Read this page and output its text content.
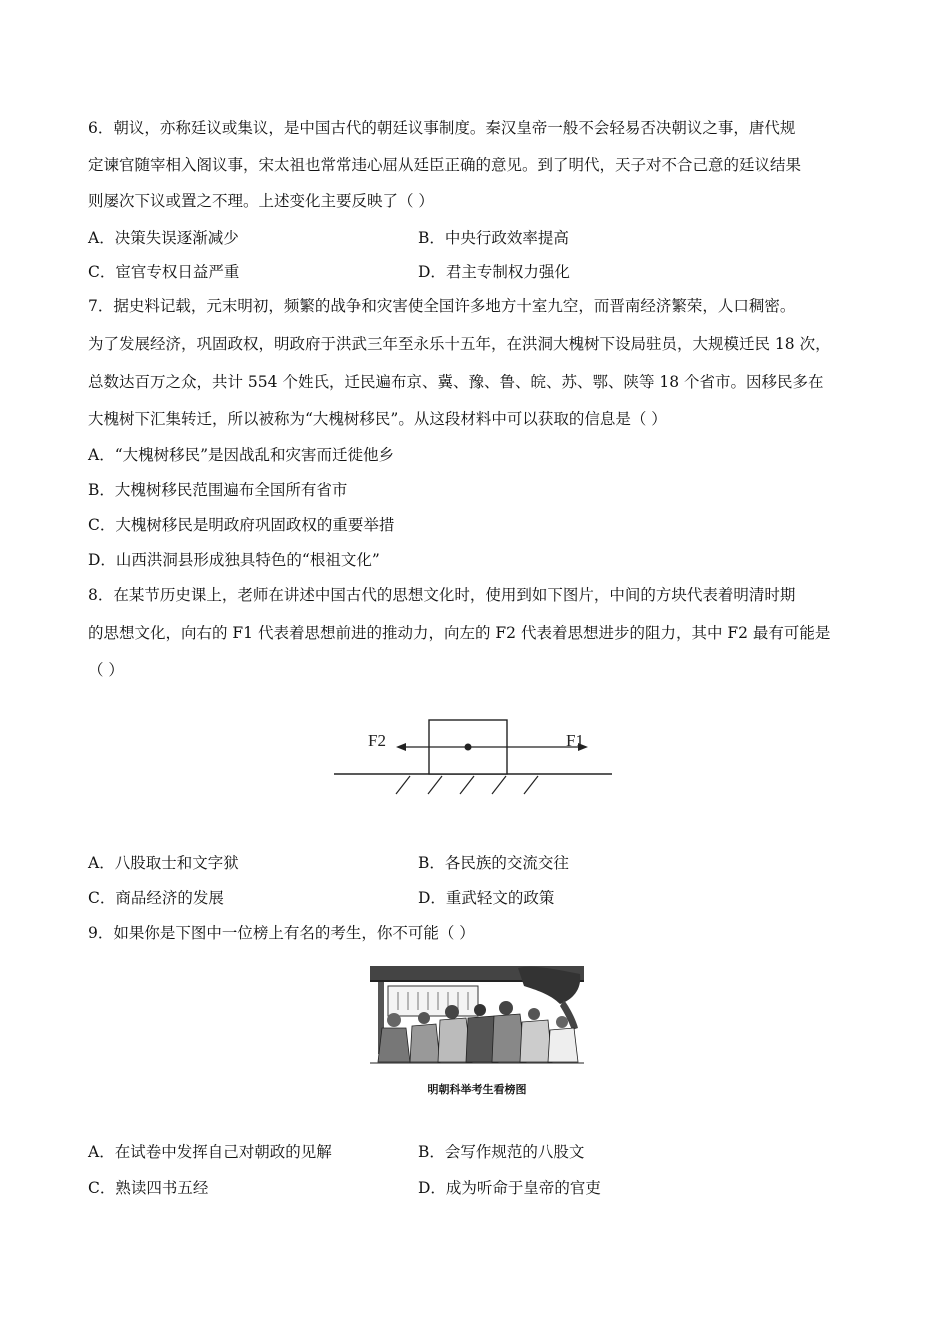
6．朝议，亦称廷议或集议，是中国古代的朝廷议事制度。秦汉皇帝一般不会轻易否决朝议之事，唐代规
定谏官随宰相入阁议事，宋太祖也常常违心屈从廷臣正确的意见。到了明代，天子对不合己意的廷议结果
则屡次下议或置之不理。上述变化主要反映了（ ）
A．决策失误逐渐减少	B．中央行政效率提高
C．宦官专权日益严重	D．君主专制权力强化
7．据史料记载，元末明初，频繁的战争和灾害使全国许多地方十室九空，而晋南经济繁荣，人口稠密。
为了发展经济，巩固政权，明政府于洪武三年至永乐十五年，在洪洞大槐树下设局驻员，大规模迁民 18 次，
总数达百万之众，共计 554 个姓氏，迁民遍布京、冀、豫、鲁、皖、苏、鄂、陕等 18 个省市。因移民多在
大槐树下汇集转迁，所以被称为“大槐树移民”。从这段材料中可以获取的信息是（ ）
A．“大槐树移民”是因战乱和灾害而迁徙他乡
B．大槐树移民范围遍布全国所有省市
C．大槐树移民是明政府巩固政权的重要举措
D．山西洪洞县形成独具特色的“根祖文化”
8．在某节历史课上，老师在讲述中国古代的思想文化时，使用到如下图片，中间的方块代表着明清时期
的思想文化，向右的 F1 代表着思想前进的推动力，向左的 F2 代表着思想进步的阻力，其中 F2 最有可能是
（ ）
F2	F1
A．八股取士和文字狱	B．各民族的交流交往
C．商品经济的发展	D．重武轻文的政策
9．如果你是下图中一位榜上有名的考生，你不可能（ ）
明朝科举考生看榜图
A．在试卷中发挥自己对朝政的见解	B．会写作规范的八股文
C．熟读四书五经	D．成为听命于皇帝的官吏
